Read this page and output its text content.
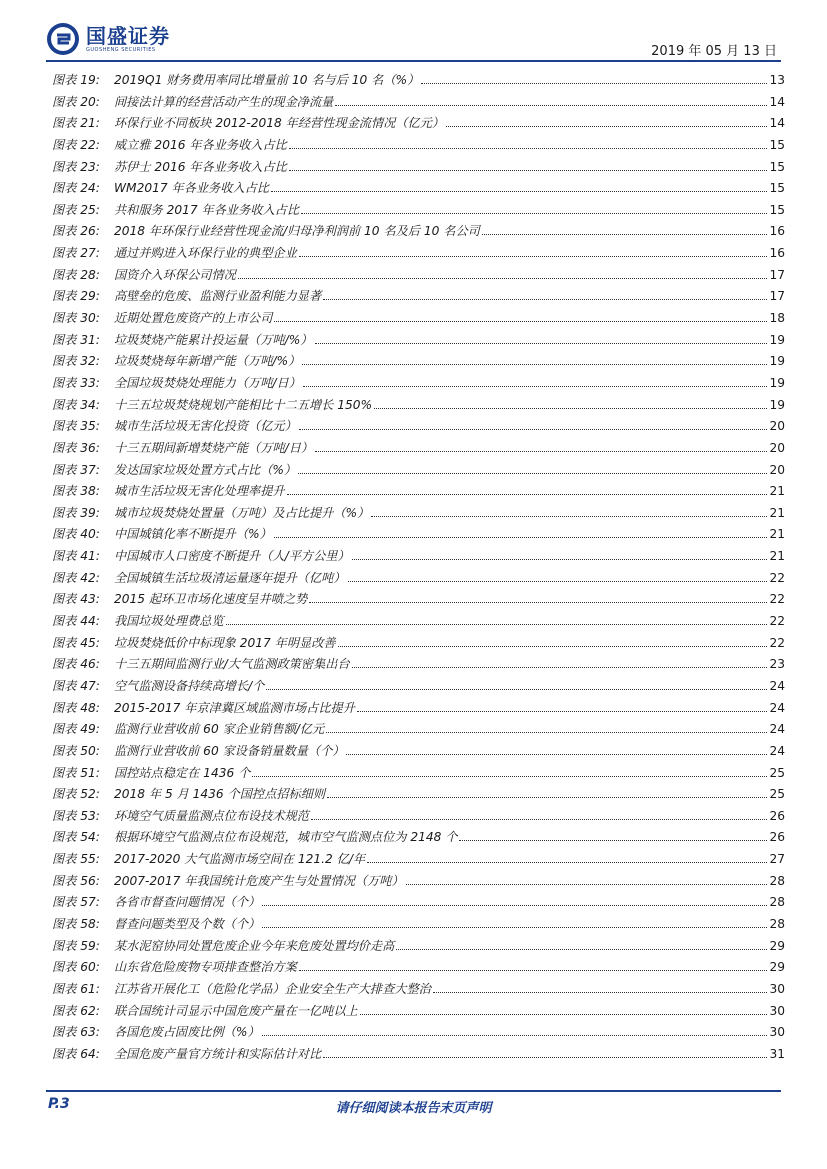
国盛证券
GUOSHENG SECURITIES	2019 年 05 月 13 日
图表 19:	2019Q1 财务费用率同比增量前 10 名与后 10 名（%）	13
图表 20:	间接法计算的经营活动产生的现金净流量	14
图表 21:	环保行业不同板块 2012-2018 年经营性现金流情况（亿元）	14
图表 22:	威立雅 2016 年各业务收入占比	15
图表 23:	苏伊士 2016 年各业务收入占比	15
图表 24:	WM2017 年各业务收入占比	15
图表 25:	共和服务 2017 年各业务收入占比	15
图表 26:	2018 年环保行业经营性现金流/归母净利润前 10 名及后 10 名公司	16
图表 27:	通过并购进入环保行业的典型企业	16
图表 28:	国资介入环保公司情况	17
图表 29:	高壁垒的危废、监测行业盈利能力显著	17
图表 30:	近期处置危废资产的上市公司	18
图表 31:	垃圾焚烧产能累计投运量（万吨/%）	19
图表 32:	垃圾焚烧每年新增产能（万吨/%）	19
图表 33:	全国垃圾焚烧处理能力（万吨/日）	19
图表 34:	十三五垃圾焚烧规划产能相比十二五增长 150%	19
图表 35:	城市生活垃圾无害化投资（亿元）	20
图表 36:	十三五期间新增焚烧产能（万吨/日）	20
图表 37:	发达国家垃圾处置方式占比（%）	20
图表 38:	城市生活垃圾无害化处理率提升	21
图表 39:	城市垃圾焚烧处置量（万吨）及占比提升（%）	21
图表 40:	中国城镇化率不断提升（%）	21
图表 41:	中国城市人口密度不断提升（人/平方公里）	21
图表 42:	全国城镇生活垃圾清运量逐年提升（亿吨）	22
图表 43:	2015 起环卫市场化速度呈井喷之势	22
图表 44:	我国垃圾处理费总览	22
图表 45:	垃圾焚烧低价中标现象 2017 年明显改善	22
图表 46:	十三五期间监测行业/大气监测政策密集出台	23
图表 47:	空气监测设备持续高增长/个	24
图表 48:	2015-2017 年京津冀区域监测市场占比提升	24
图表 49:	监测行业营收前 60 家企业销售额/亿元	24
图表 50:	监测行业营收前 60 家设备销量数量（个）	24
图表 51:	国控站点稳定在 1436 个	25
图表 52:	2018 年 5 月 1436 个国控点招标细则	25
图表 53:	环境空气质量监测点位布设技术规范	26
图表 54:	根据环境空气监测点位布设规范，城市空气监测点位为 2148 个	26
图表 55:	2017-2020 大气监测市场空间在 121.2 亿/年	27
图表 56:	2007-2017 年我国统计危废产生与处置情况（万吨）	28
图表 57:	各省市督查问题情况（个）	28
图表 58:	督查问题类型及个数（个）	28
图表 59:	某水泥窑协同处置危废企业今年来危废处置均价走高	29
图表 60:	山东省危险废物专项排查整治方案	29
图表 61:	江苏省开展化工（危险化学品）企业安全生产大排查大整治	30
图表 62:	联合国统计司显示中国危废产量在一亿吨以上	30
图表 63:	各国危废占固废比例（%）	30
图表 64:	全国危废产量官方统计和实际估计对比	31
P.3	请仔细阅读本报告末页声明
